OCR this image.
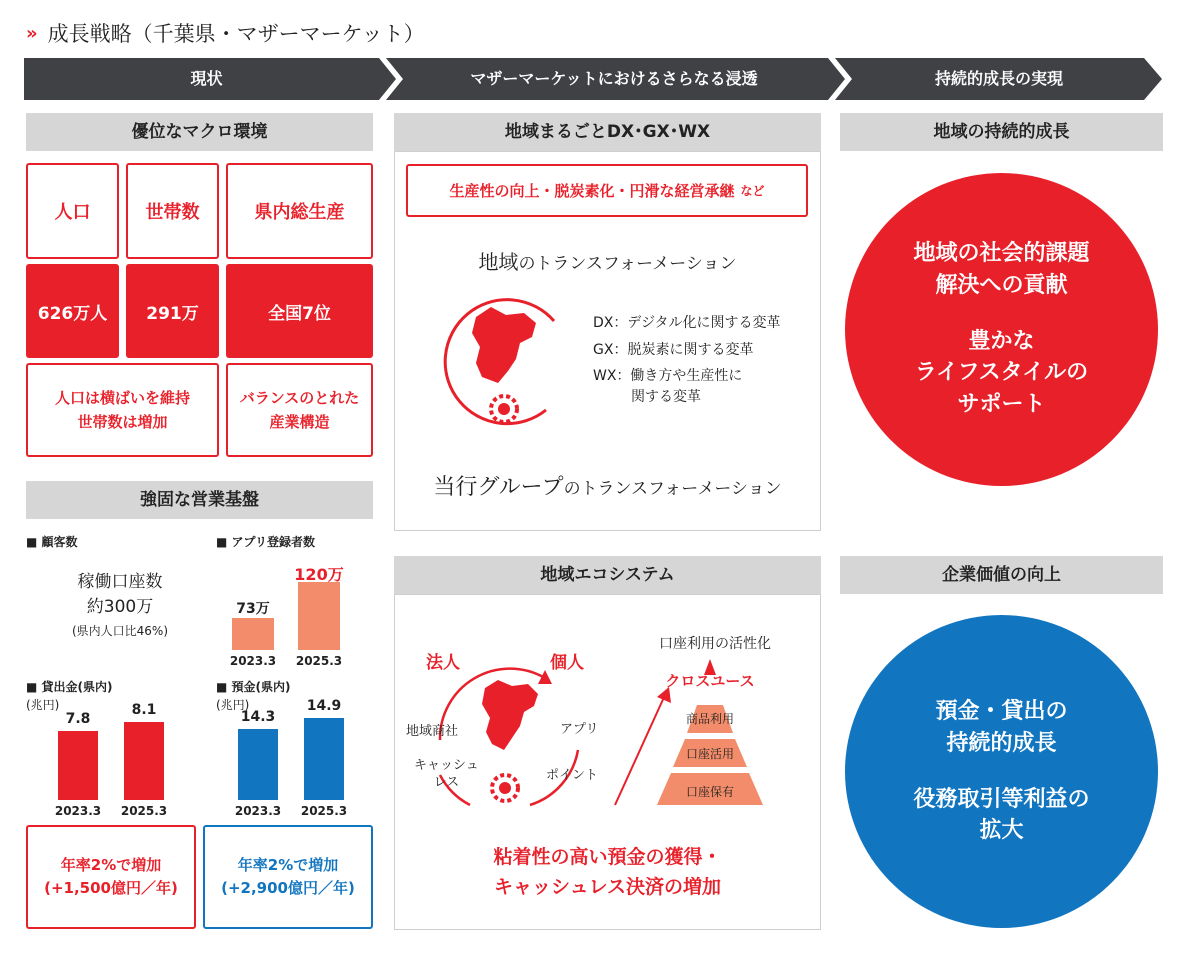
» 成長戦略（千葉県・マザーマーケット）
現状	マザーマーケットにおけるさらなる浸透	持続的成長の実現
優位なマクロ環境
人口	世帯数	県内総生産
626万人	291万	全国7位
人口は横ばいを維持
世帯数は増加
バランスのとれた
産業構造
強固な営業基盤
■ 顧客数
稼働口座数
約300万
(県内人口比46%)
■ アプリ登録者数
73万
2023.3
120万
2025.3
■ 貸出金(県内)
(兆円)
7.8
2023.3
8.1
2025.3
■ 預金(県内)
(兆円)
14.3
2023.3
14.9
2025.3
年率2%で増加
(+1,500億円／年)
年率2%で増加
(+2,900億円／年)
地域まるごとDX･GX･WX
生産性の向上・脱炭素化・円滑な経営承継 など
地域のトランスフォーメーション
DX：デジタル化に関する変革
GX：脱炭素に関する変革
WX：働き方や生産性に
関する変革
当行グループのトランスフォーメーション
地域エコシステム
法人	個人
地域商社
キャッシュ
レス
アプリ
ポイント
口座利用の活性化
クロスユース
商品利用
口座活用
口座保有
粘着性の高い預金の獲得・
キャッシュレス決済の増加
地域の持続的成長
地域の社会的課題
解決への貢献
豊かな
ライフスタイルの
サポート
企業価値の向上
預金・貸出の
持続的成長
役務取引等利益の
拡大
